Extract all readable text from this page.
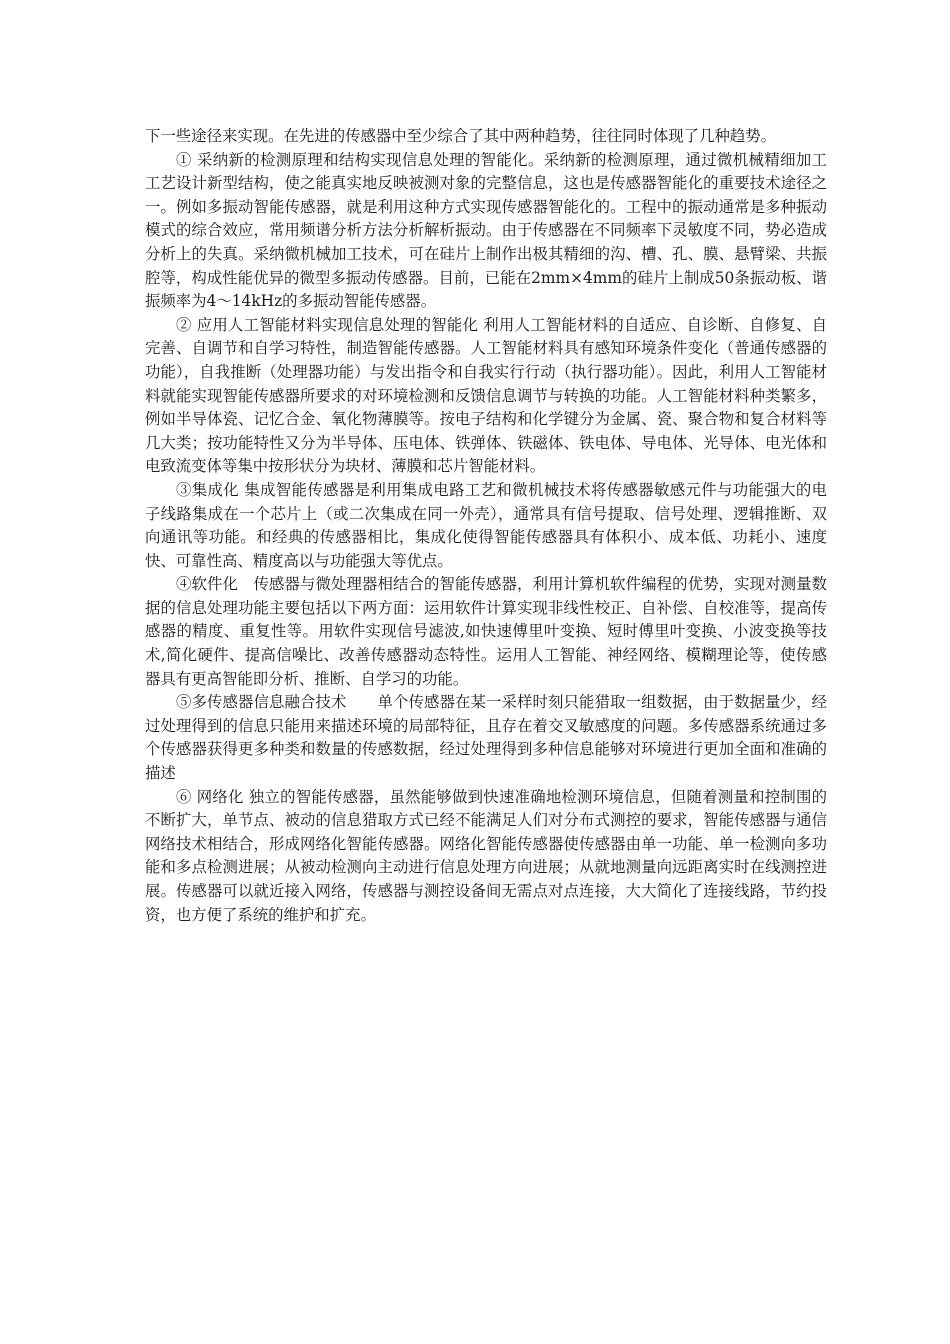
下一些途径来实现。在先进的传感器中至少综合了其中两种趋势，往往同时体现了几种趋势。

① 采纳新的检测原理和结构实现信息处理的智能化。采纳新的检测原理，通过微机械精细加工工艺设计新型结构，使之能真实地反映被测对象的完整信息，这也是传感器智能化的重要技术途径之一。例如多振动智能传感器，就是利用这种方式实现传感器智能化的。工程中的振动通常是多种振动模式的综合效应，常用频谱分析方法分析解析振动。由于传感器在不同频率下灵敏度不同，势必造成分析上的失真。采纳微机械加工技术，可在硅片上制作出极其精细的沟、槽、孔、膜、悬臂梁、共振腔等，构成性能优异的微型多振动传感器。目前，已能在2mm×4mm的硅片上制成50条振动板、谐振频率为4～14kHz的多振动智能传感器。

② 应用人工智能材料实现信息处理的智能化 利用人工智能材料的自适应、自诊断、自修复、自完善、自调节和自学习特性，制造智能传感器。人工智能材料具有感知环境条件变化（普通传感器的功能），自我推断（处理器功能）与发出指令和自我实行行动（执行器功能）。因此，利用人工智能材料就能实现智能传感器所要求的对环境检测和反馈信息调节与转换的功能。人工智能材料种类繁多，例如半导体瓷、记忆合金、氧化物薄膜等。按电子结构和化学键分为金属、瓷、聚合物和复合材料等几大类；按功能特性又分为半导体、压电体、铁弹体、铁磁体、铁电体、导电体、光导体、电光体和电致流变体等集中按形状分为块材、薄膜和芯片智能材料。

③集成化 集成智能传感器是利用集成电路工艺和微机械技术将传感器敏感元件与功能强大的电子线路集成在一个芯片上（或二次集成在同一外壳），通常具有信号提取、信号处理、逻辑推断、双向通讯等功能。和经典的传感器相比，集成化使得智能传感器具有体积小、成本低、功耗小、速度快、可靠性高、精度高以与功能强大等优点。

④软件化　传感器与微处理器相结合的智能传感器，利用计算机软件编程的优势，实现对测量数据的信息处理功能主要包括以下两方面：运用软件计算实现非线性校正、自补偿、自校准等，提高传感器的精度、重复性等。用软件实现信号滤波,如快速傅里叶变换、短时傅里叶变换、小波变换等技术,简化硬件、提高信噪比、改善传感器动态特性。运用人工智能、神经网络、模糊理论等，使传感器具有更高智能即分析、推断、自学习的功能。

⑤多传感器信息融合技术　　单个传感器在某一采样时刻只能猎取一组数据，由于数据量少，经过处理得到的信息只能用来描述环境的局部特征，且存在着交叉敏感度的问题。多传感器系统通过多个传感器获得更多种类和数量的传感数据，经过处理得到多种信息能够对环境进行更加全面和准确的描述

⑥ 网络化 独立的智能传感器，虽然能够做到快速准确地检测环境信息，但随着测量和控制围的不断扩大，单节点、被动的信息猎取方式已经不能满足人们对分布式测控的要求，智能传感器与通信网络技术相结合，形成网络化智能传感器。网络化智能传感器使传感器由单一功能、单一检测向多功能和多点检测进展；从被动检测向主动进行信息处理方向进展；从就地测量向远距离实时在线测控进展。传感器可以就近接入网络，传感器与测控设备间无需点对点连接，大大简化了连接线路，节约投资，也方便了系统的维护和扩充。
